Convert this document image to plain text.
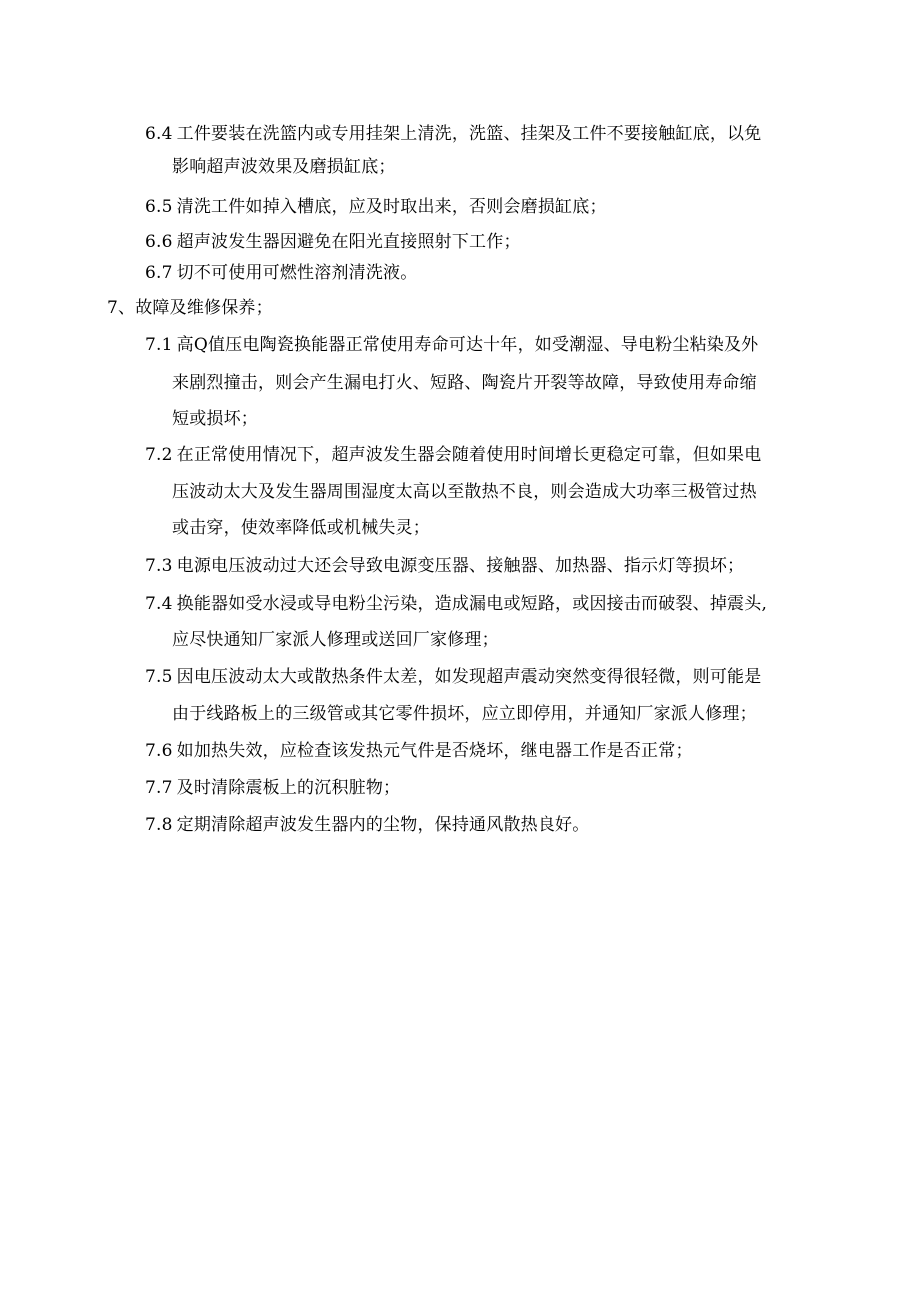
6.4 工件要装在洗篮内或专用挂架上清洗，洗篮、挂架及工件不要接触缸底，以免
影响超声波效果及磨损缸底；
6.5 清洗工件如掉入槽底，应及时取出来，否则会磨损缸底；
6.6 超声波发生器因避免在阳光直接照射下工作；
6.7 切不可使用可燃性溶剂清洗液。
7、故障及维修保养；
7.1 高Q值压电陶瓷换能器正常使用寿命可达十年，如受潮湿、导电粉尘粘染及外
来剧烈撞击，则会产生漏电打火、短路、陶瓷片开裂等故障，导致使用寿命缩
短或损坏；
7.2 在正常使用情况下，超声波发生器会随着使用时间增长更稳定可靠，但如果电
压波动太大及发生器周围湿度太高以至散热不良，则会造成大功率三极管过热
或击穿，使效率降低或机械失灵；
7.3 电源电压波动过大还会导致电源变压器、接触器、加热器、指示灯等损坏；
7.4 换能器如受水浸或导电粉尘污染，造成漏电或短路，或因接击而破裂、掉震头,
应尽快通知厂家派人修理或送回厂家修理；
7.5 因电压波动太大或散热条件太差，如发现超声震动突然变得很轻微，则可能是
由于线路板上的三级管或其它零件损坏，应立即停用，并通知厂家派人修理；
7.6 如加热失效，应检查该发热元气件是否烧坏，继电器工作是否正常；
7.7 及时清除震板上的沉积脏物；
7.8 定期清除超声波发生器内的尘物，保持通风散热良好。
